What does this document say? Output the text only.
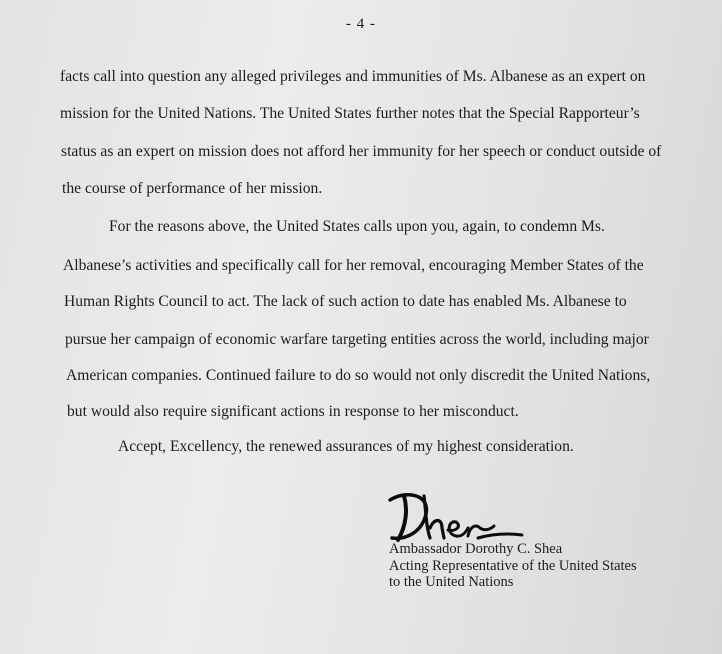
- 4 -
facts call into question any alleged privileges and immunities of Ms. Albanese as an expert on
mission for the United Nations. The United States further notes that the Special Rapporteur’s
status as an expert on mission does not afford her immunity for her speech or conduct outside of
the course of performance of her mission.
For the reasons above, the United States calls upon you, again, to condemn Ms.
Albanese’s activities and specifically call for her removal, encouraging Member States of the
Human Rights Council to act. The lack of such action to date has enabled Ms. Albanese to
pursue her campaign of economic warfare targeting entities across the world, including major
American companies. Continued failure to do so would not only discredit the United Nations,
but would also require significant actions in response to her misconduct.
Accept, Excellency, the renewed assurances of my highest consideration.
Ambassador Dorothy C. Shea
Acting Representative of the United States
to the United Nations
